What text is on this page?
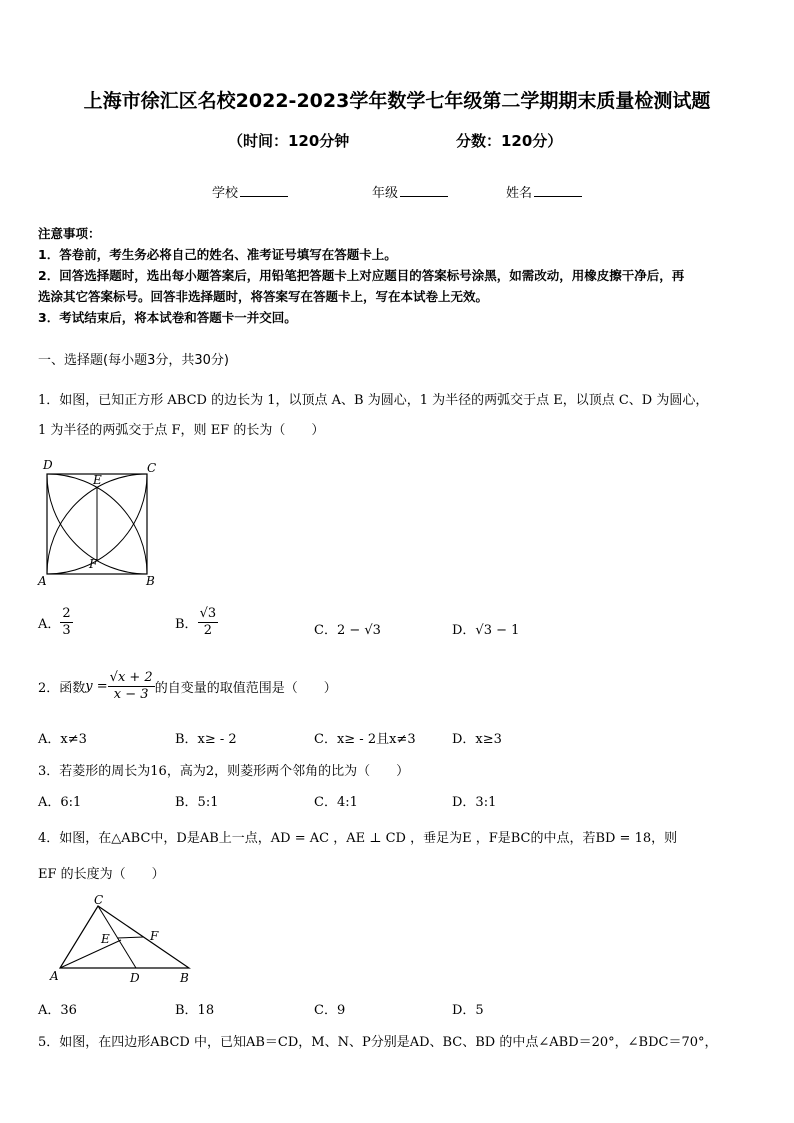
上海市徐汇区名校2022-2023学年数学七年级第二学期期末质量检测试题
（时间：120分钟	分数：120分）
学校	年级	姓名
注意事项：
1．答卷前，考生务必将自己的姓名、准考证号填写在答题卡上。
2．回答选择题时，选出每小题答案后，用铅笔把答题卡上对应题目的答案标号涂黑，如需改动，用橡皮擦干净后，再
选涂其它答案标号。回答非选择题时，将答案写在答题卡上，写在本试卷上无效。
3．考试结束后，将本试卷和答题卡一并交回。
一、选择题(每小题3分，共30分)
1．如图，已知正方形 ABCD 的边长为 1，以顶点 A、B 为圆心，1 为半径的两弧交于点 E，以顶点 C、D 为圆心，
1 为半径的两弧交于点 F，则 EF 的长为（　　）
D	C
E
F
A	B
A． $\frac{2}{3}$	B． $\frac{√3}{2}$	C．2 − √3	D．√3 − 1
2．函数$y = \frac{√x + 2}{x - 3}$ 的自变量的取值范围是（　　）
A．x≠3	B．x≥ - 2	C．x≥ - 2且x≠3	D．x≥3
3．若菱形的周长为16，高为2，则菱形两个邻角的比为（　　）
A．6:1	B．5:1	C．4:1	D．3:1
4．如图，在△ABC中，D是AB上一点，AD = AC ，AE ⊥ CD ，垂足为E ，F是BC的中点，若BD = 18，则
EF 的长度为（　　）
C
E	F
A	D	B
A．36	B．18	C．9	D．5
5．如图，在四边形ABCD 中，已知AB＝CD，M、N、P分别是AD、BC、BD 的中点∠ABD＝20°，∠BDC＝70°，
